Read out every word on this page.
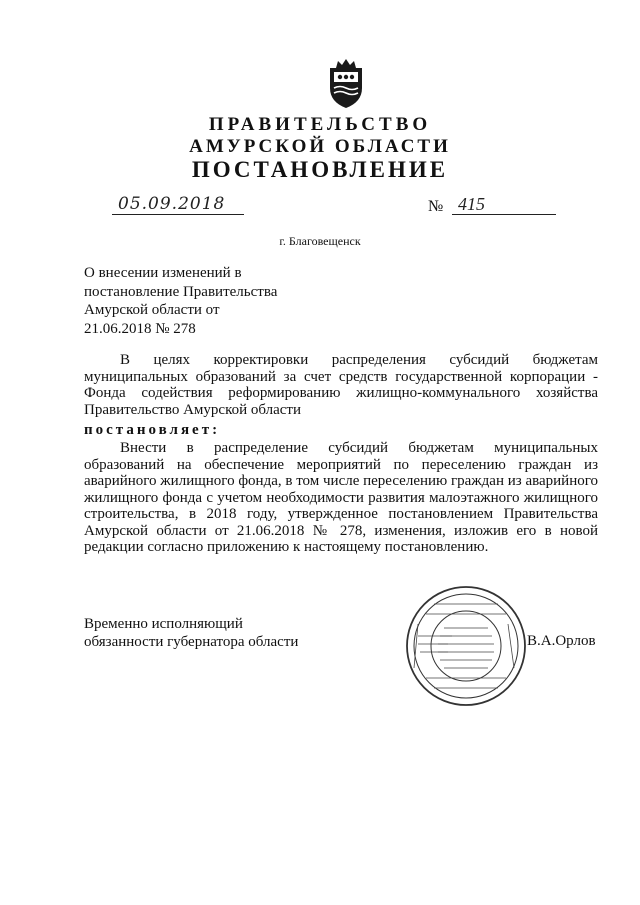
ПРАВИТЕЛЬСТВО
АМУРСКОЙ ОБЛАСТИ
ПОСТАНОВЛЕНИЕ
05.09.2018	№ 415
г. Благовещенск
О внесении изменений в
постановление Правительства
Амурской области от
21.06.2018 № 278
В целях корректировки распределения субсидий бюджетам муниципальных образований за счет средств государственной корпорации - Фонда содействия реформированию жилищно-коммунального хозяйства Правительство Амурской области
постановляет:
Внести в распределение субсидий бюджетам муниципальных образований на обеспечение мероприятий по переселению граждан из аварийного жилищного фонда, в том числе переселению граждан из аварийного жилищного фонда с учетом необходимости развития малоэтажного жилищного строительства, в 2018 году, утвержденное постановлением Правительства Амурской области от 21.06.2018 № 278, изменения, изложив его в новой редакции согласно приложению к настоящему постановлению.
Временно исполняющий
обязанности губернатора области	В.А.Орлов
